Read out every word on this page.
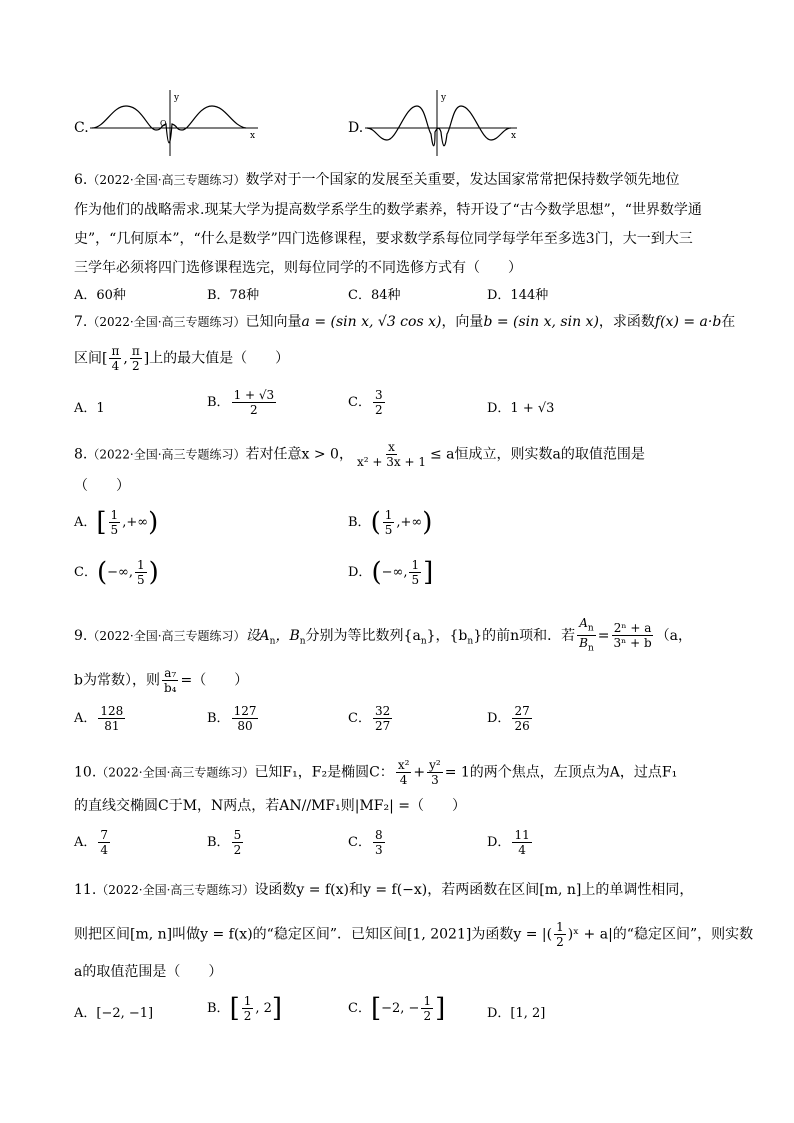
C.
y
x
O	D.
y
x
6.（2022·全国·高三专题练习）数学对于一个国家的发展至关重要，发达国家常常把保持数学领先地位
作为他们的战略需求.现某大学为提高数学系学生的数学素养，特开设了“古今数学思想”，“世界数学通
史”，“几何原本”，“什么是数学”四门选修课程，要求数学系每位同学每学年至多选3门，大一到大三
三学年必须将四门选修课程选完，则每位同学的不同选修方式有（　　）
A．60种	B．78种	C．84种	D．144种
7.（2022·全国·高三专题练习）已知向量a = (sin x, √3 cos x)，向量b = (sin x, sin x)，求函数f(x) = a·b在
区间[ $\frac{\pi}{4}$ , $\frac{\pi}{2}$ ]上的最大值是（　　）
A．1	B． $\frac{1 + √3}{2}$	C． $\frac{3}{2}$	D．1 + √3
8.（2022·全国·高三专题练习）若对任意x > 0， $\frac{x}{\text{x² + 3x + 1}} \le a$恒成立，则实数a的取值范围是
（　　）
A．[ $\frac{1}{5}$ ,+∞)	B．( $\frac{1}{5}$ ,+∞)
C．(−∞, $\frac{1}{5}$ )	D．(−∞, $\frac{1}{5}$ ]
9.（2022·全国·高三专题练习）设$A_n$，$B_n$分别为等比数列$\{a_n\}$，$\{b_n\}$的前n项和．若 $\frac{A_n}{B_n} = \frac{\text{2ⁿ + a}}{\text{3ⁿ + b}} (a$，
b为常数），则 $\frac{\text{a₇}}{\text{b₄}}$ =（　　）
A． $\frac{128}{81}$	B． $\frac{127}{80}$	C． $\frac{32}{27}$	D． $\frac{27}{26}$
10.（2022·全国·高三专题练习）已知F₁，F₂是椭圆C： $\frac{\text{x²}}{4} + \frac{\text{y²}}{3} = 1$的两个焦点，左顶点为A，过点F₁
的直线交椭圆C于M，N两点，若AN//MF₁则|MF₂| =（　　）
A． $\frac{7}{4}$	B． $\frac{5}{2}$	C． $\frac{8}{3}$	D． $\frac{11}{4}$
11.（2022·全国·高三专题练习）设函数y = f(x)和y = f(−x)，若两函数在区间[m, n]上的单调性相同，
则把区间[m, n]叫做y = f(x)的“稳定区间”．已知区间[1, 2021]为函数y = |( $\frac{1}{2}$ )ˣ + a|的“稳定区间”，则实数
a的取值范围是（　　）
A．[−2, −1]	B．[ $\frac{1}{2}$ , 2]	C．[−2, − $\frac{1}{2}$ ]	D．[1, 2]
